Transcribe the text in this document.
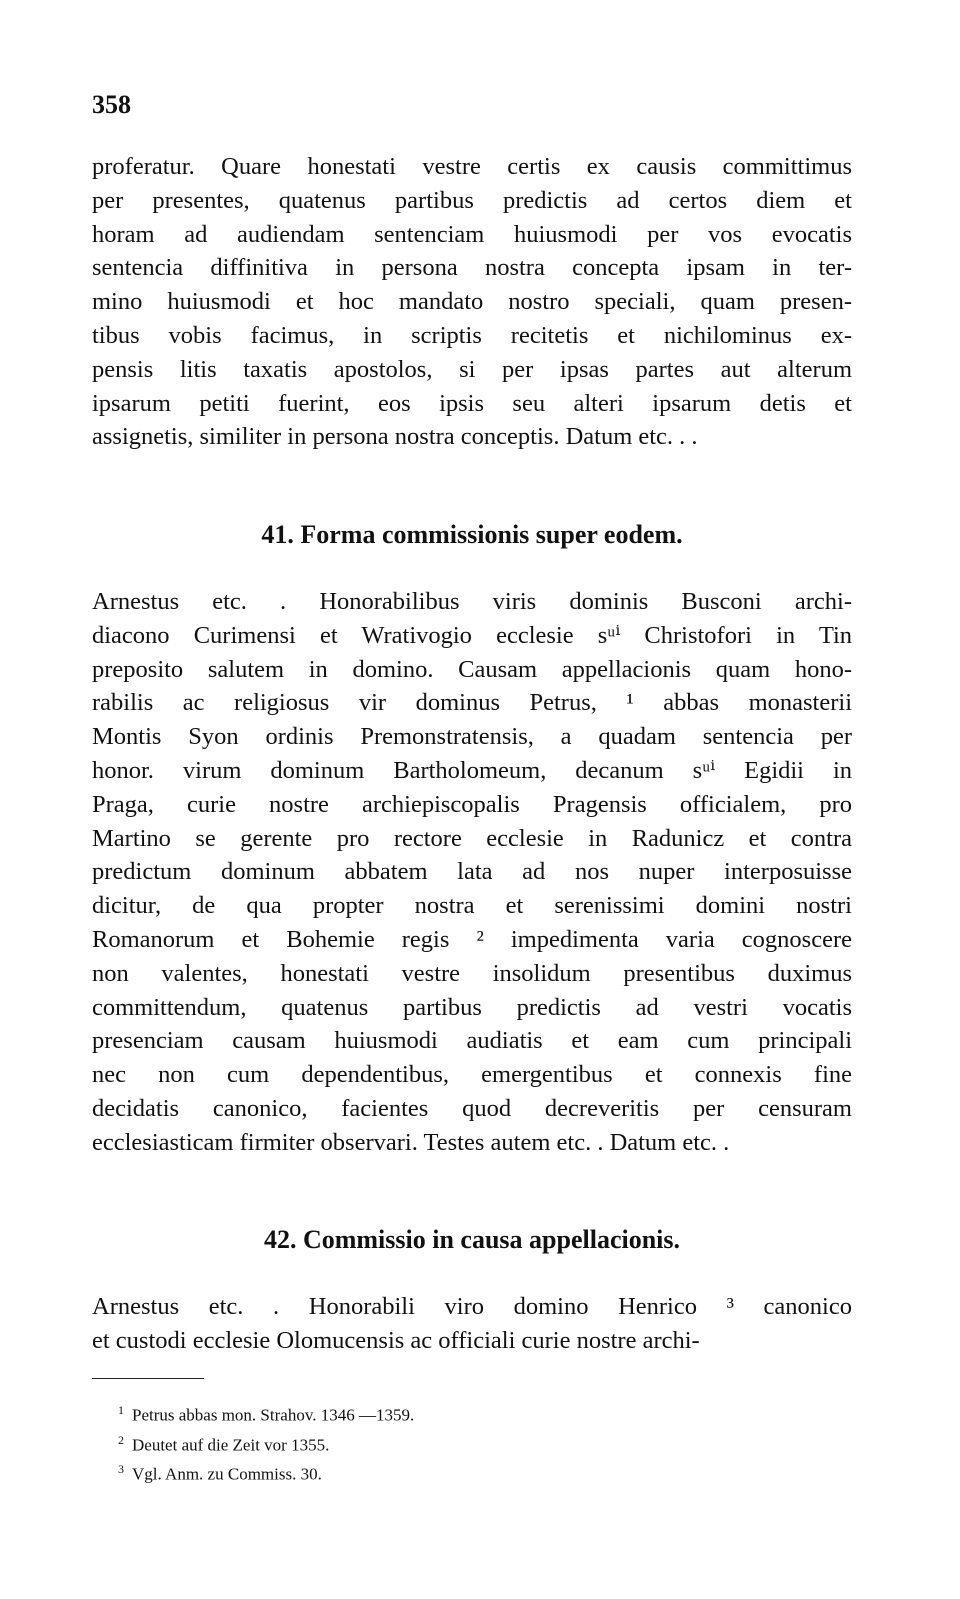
358
proferatur. Quare honestati vestre certis ex causis committimus
per presentes, quatenus partibus predictis ad certos diem et
horam ad audiendam sentenciam huiusmodi per vos evocatis
sentencia diffinitiva in persona nostra concepta ipsam in ter-
mino huiusmodi et hoc mandato nostro speciali, quam presen-
tibus vobis facimus, in scriptis recitetis et nichilominus ex-
pensis litis taxatis apostolos, si per ipsas partes aut alterum
ipsarum petiti fuerint, eos ipsis seu alteri ipsarum detis et
assignetis, similiter in persona nostra conceptis. Datum etc. . .
41. Forma commissionis super eodem.
Arnestus etc. . Honorabilibus viris dominis Busconi archi-
diacono Curimensi et Wrativogio ecclesie sᵘⁱ Christofori in Tin
preposito salutem in domino. Causam appellacionis quam hono-
rabilis ac religiosus vir dominus Petrus, ¹ abbas monasterii
Montis Syon ordinis Premonstratensis, a quadam sentencia per
honor. virum dominum Bartholomeum, decanum sᵘⁱ Egidii in
Praga, curie nostre archiepiscopalis Pragensis officialem, pro
Martino se gerente pro rectore ecclesie in Radunicz et contra
predictum dominum abbatem lata ad nos nuper interposuisse
dicitur, de qua propter nostra et serenissimi domini nostri
Romanorum et Bohemie regis ² impedimenta varia cognoscere
non valentes, honestati vestre insolidum presentibus duximus
committendum, quatenus partibus predictis ad vestri vocatis
presenciam causam huiusmodi audiatis et eam cum principali
nec non cum dependentibus, emergentibus et connexis fine
decidatis canonico, facientes quod decreveritis per censuram
ecclesiasticam firmiter observari. Testes autem etc. . Datum etc. .
42. Commissio in causa appellacionis.
Arnestus etc. . Honorabili viro domino Henrico ³ canonico
et custodi ecclesie Olomucensis ac officiali curie nostre archi-
$^1$ Petrus abbas mon. Strahov. 1346 —1359.
$^2$ Deutet auf die Zeit vor 1355.
$^3$ Vgl. Anm. zu Commiss. 30.
